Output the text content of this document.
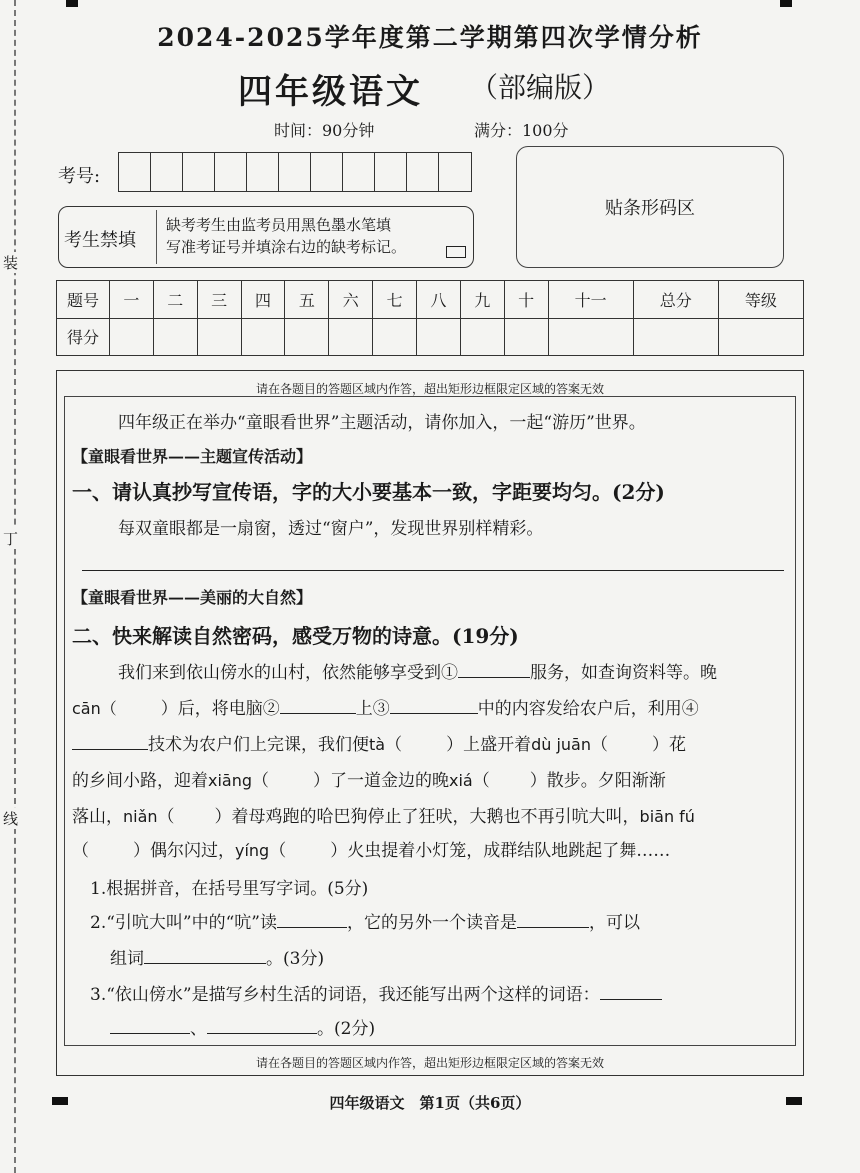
装
丁
线
2024-2025学年度第二学期第四次学情分析
四年级语文 （部编版）
时间：90分钟	满分：100分
考号:
考生禁填
缺考考生由监考员用黑色墨水笔填
写准考证号并填涂右边的缺考标记。
贴条形码区
题号	一	二	三	四	五	六	七	八	九	十	十一	总分	等级
得分													
请在各题目的答题区域内作答，超出矩形边框限定区域的答案无效
请在各题目的答题区域内作答，超出矩形边框限定区域的答案无效
四年级正在举办“童眼看世界”主题活动，请你加入，一起“游历”世界。
【童眼看世界——主题宣传活动】
一、请认真抄写宣传语，字的大小要基本一致，字距要均匀。(2分)
每双童眼都是一扇窗，透过“窗户”，发现世界别样精彩。
【童眼看世界——美丽的大自然】
二、快来解读自然密码，感受万物的诗意。(19分)
我们来到依山傍水的山村，依然能够享受到①	服务，如查询资料等。晚
cān（	）后，将电脑②	上③	中的内容发给农户后，利用④
技术为农户们上完课，我们便tà（	）上盛开着dù juān（	）花
的乡间小路，迎着xiāng（	）了一道金边的晚xiá（ ）散步。夕阳渐渐
落山，niǎn（ ）着母鸡跑的哈巴狗停止了狂吠，大鹅也不再引吭大叫，biān fú
（	）偶尔闪过，yíng（	）火虫提着小灯笼，成群结队地跳起了舞……
1.根据拼音，在括号里写字词。(5分)
2.“引吭大叫”中的“吭”读	，它的另外一个读音是	，可以
组词	。(3分)
3.“依山傍水”是描写乡村生活的词语，我还能写出两个这样的词语：
、	。(2分)
四年级语文　第1页（共6页）
